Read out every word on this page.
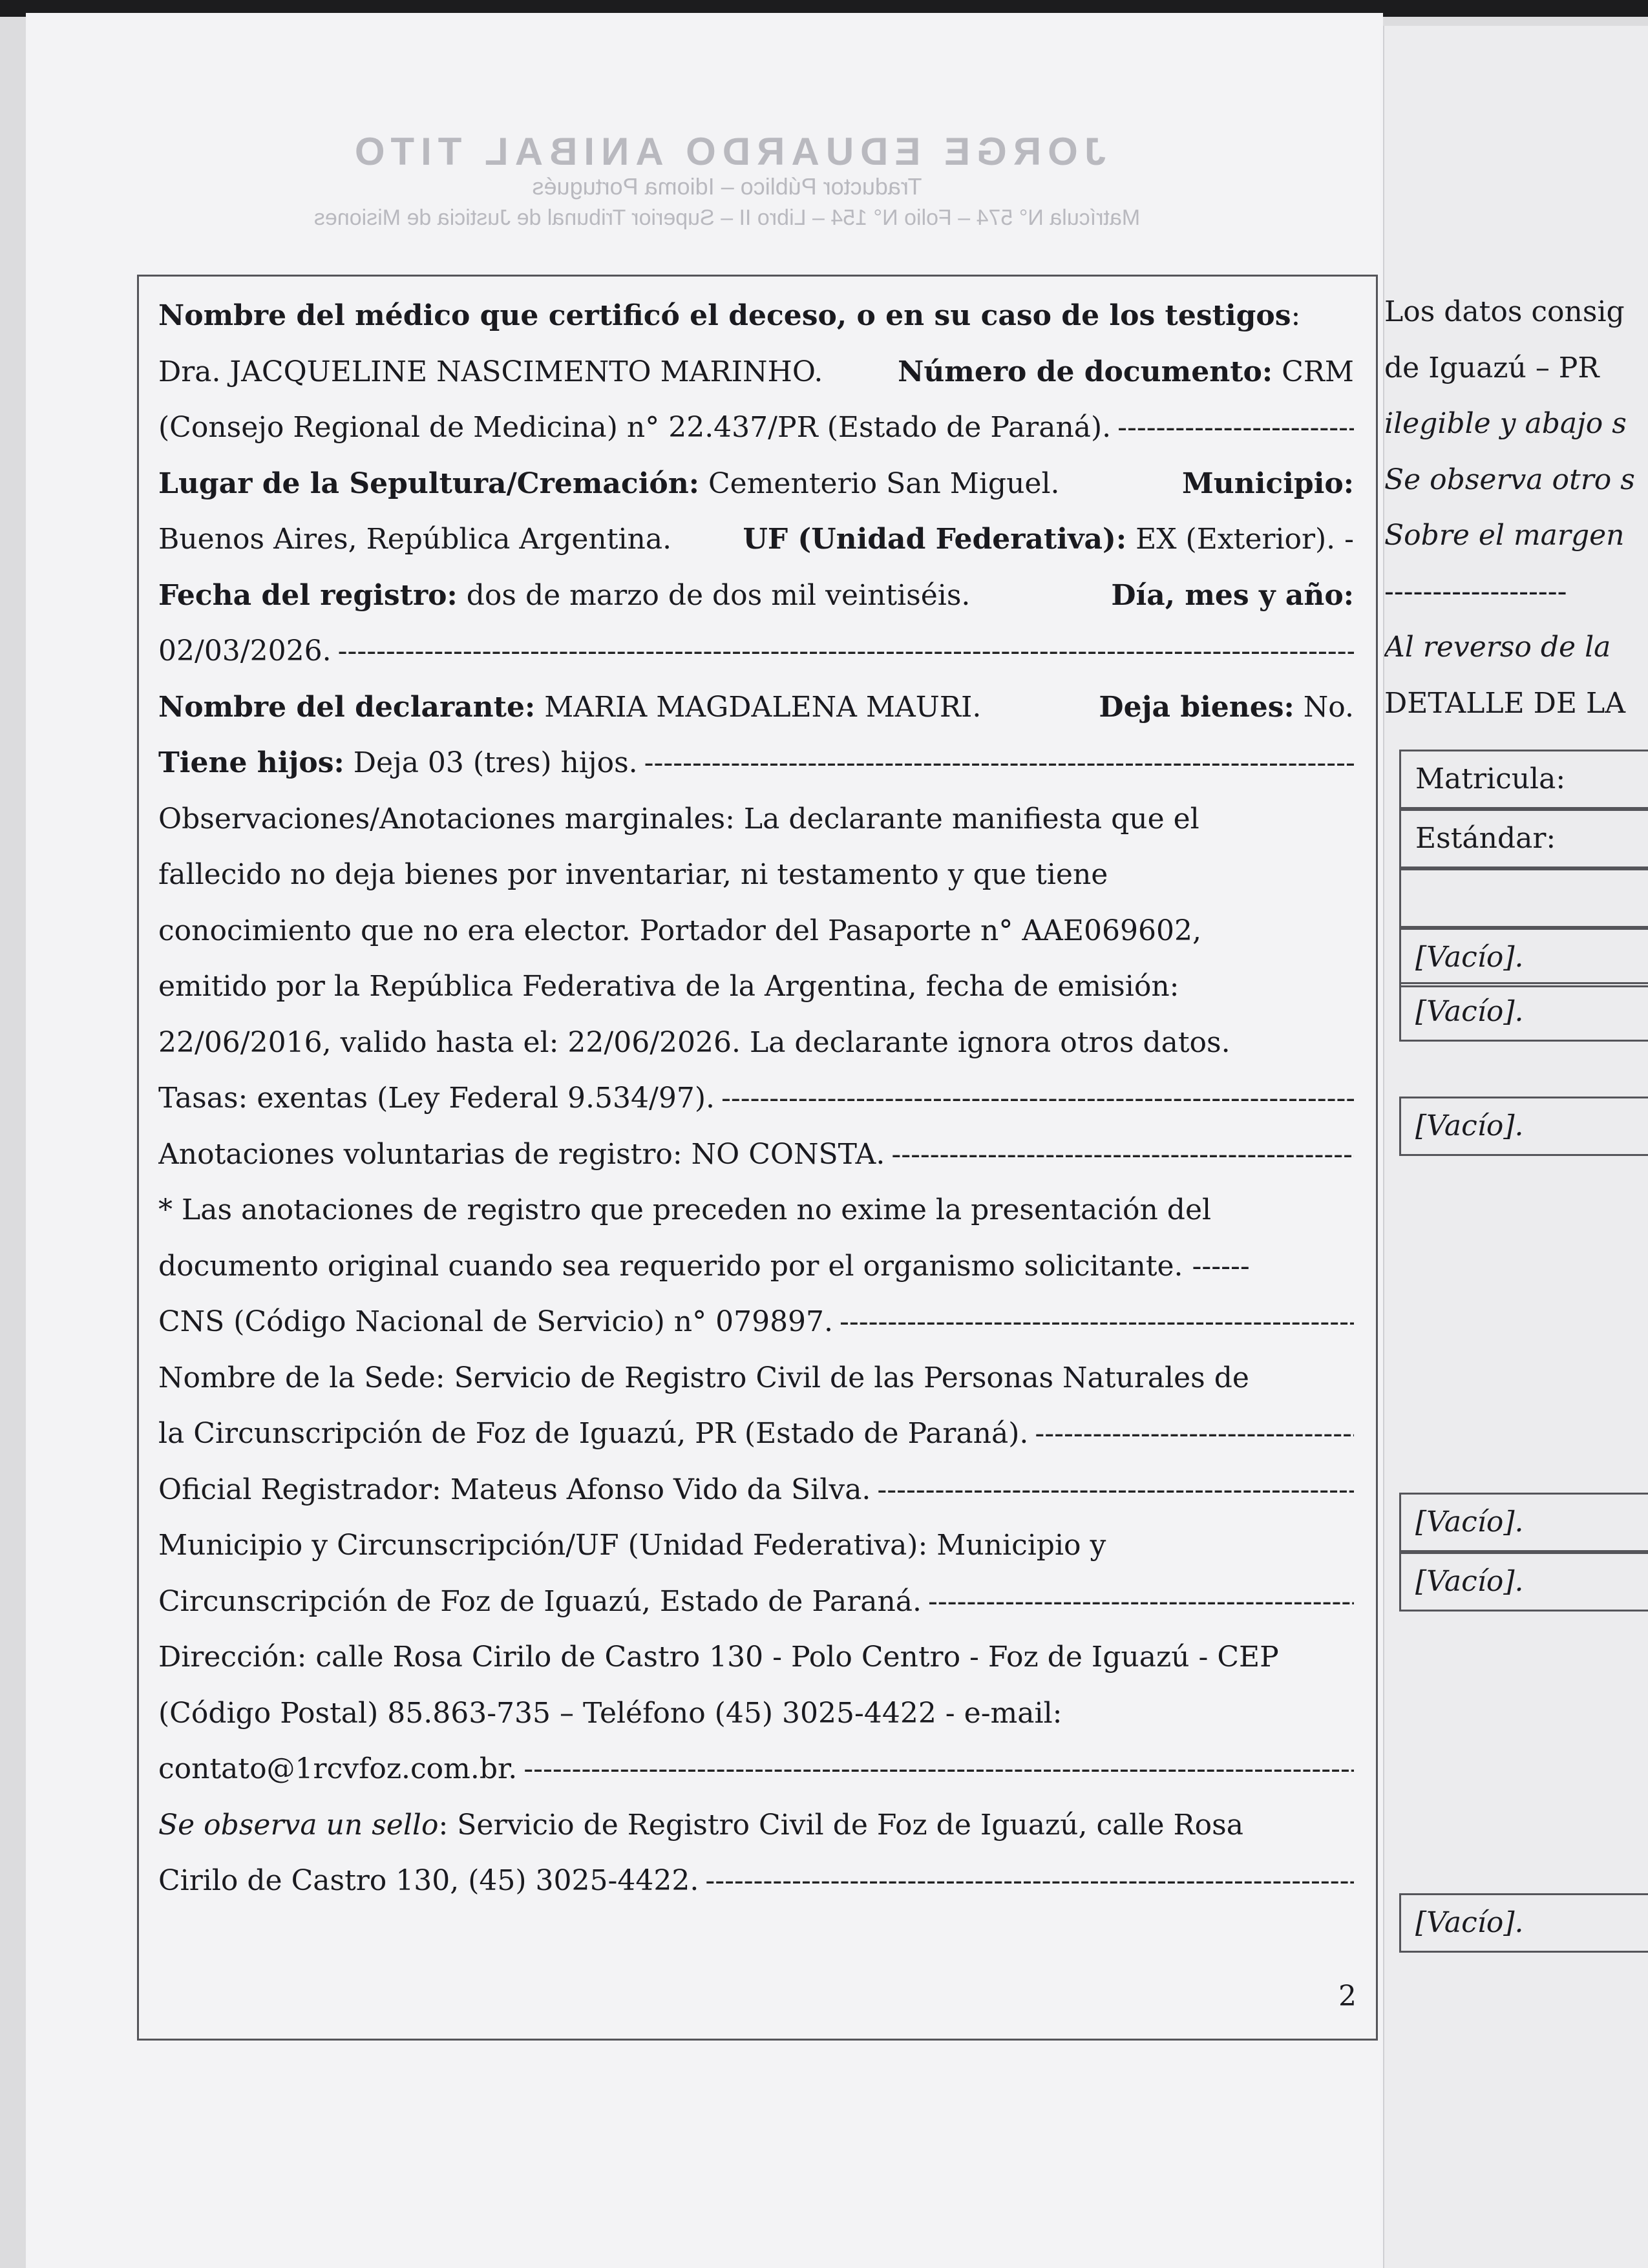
JORGE EDUARDO ANIBAL TITO
Traductor Público – Idioma Portugués
Matrícula N° 574 – Folio N° 154 – Libro II – Superior Tribunal de Justicia de Misiones
Nombre del médico que certificó el deceso, o en su caso de los testigos :
Dra. JACQUELINE NASCIMENTO MARINHO.	Número de documento: CRM
(Consejo Regional de Medicina) n° 22.437/PR (Estado de Paraná).
-----
Lugar de la Sepultura/Cremación: Cementerio San Miguel.	Municipio:
Buenos Aires, República Argentina.	UF (Unidad Federativa): EX (Exterior). -
Fecha del registro: dos de marzo de dos mil veintiséis.	Día, mes y año:
02/03/2026.
-----
Nombre del declarante: MARIA MAGDALENA MAURI.	Deja bienes: No.
Tiene hijos:
Deja 03 (tres) hijos.
-----
Observaciones/Anotaciones marginales: La declarante manifiesta que el
fallecido no deja bienes por inventariar, ni testamento y que tiene
conocimiento que no era elector. Portador del Pasaporte n° AAE069602,
emitido por la República Federativa de la Argentina, fecha de emisión:
22/06/2016, valido hasta el: 22/06/2026. La declarante ignora otros datos.
Tasas: exentas (Ley Federal 9.534/97).
-----
Anotaciones voluntarias de registro: NO CONSTA.
-----
* Las anotaciones de registro que preceden no exime la presentación del
documento original cuando sea requerido por el organismo solicitante. ------
CNS (Código Nacional de Servicio) n° 079897.
-----
Nombre de la Sede: Servicio de Registro Civil de las Personas Naturales de
la Circunscripción de Foz de Iguazú, PR (Estado de Paraná).
-----
Oficial Registrador: Mateus Afonso Vido da Silva.
-----
Municipio y Circunscripción/UF (Unidad Federativa): Municipio y
Circunscripción de Foz de Iguazú, Estado de Paraná.
-----
Dirección: calle Rosa Cirilo de Castro 130 - Polo Centro - Foz de Iguazú - CEP
(Código Postal) 85.863-735 – Teléfono (45) 3025-4422 - e-mail:
contato@1rcvfoz.com.br.
-----
Se observa un sello : Servicio de Registro Civil de Foz de Iguazú, calle Rosa
Cirilo de Castro 130, (45) 3025-4422.
-----
2
Los datos consig
de Iguazú – PR
ilegible y abajo s
Se observa otro s
Sobre el margen
-------------------
Al reverso de la
DETALLE DE LA
Matricula:
Estándar:
[Vacío].
[Vacío].
[Vacío].
[Vacío].
[Vacío].
[Vacío].
